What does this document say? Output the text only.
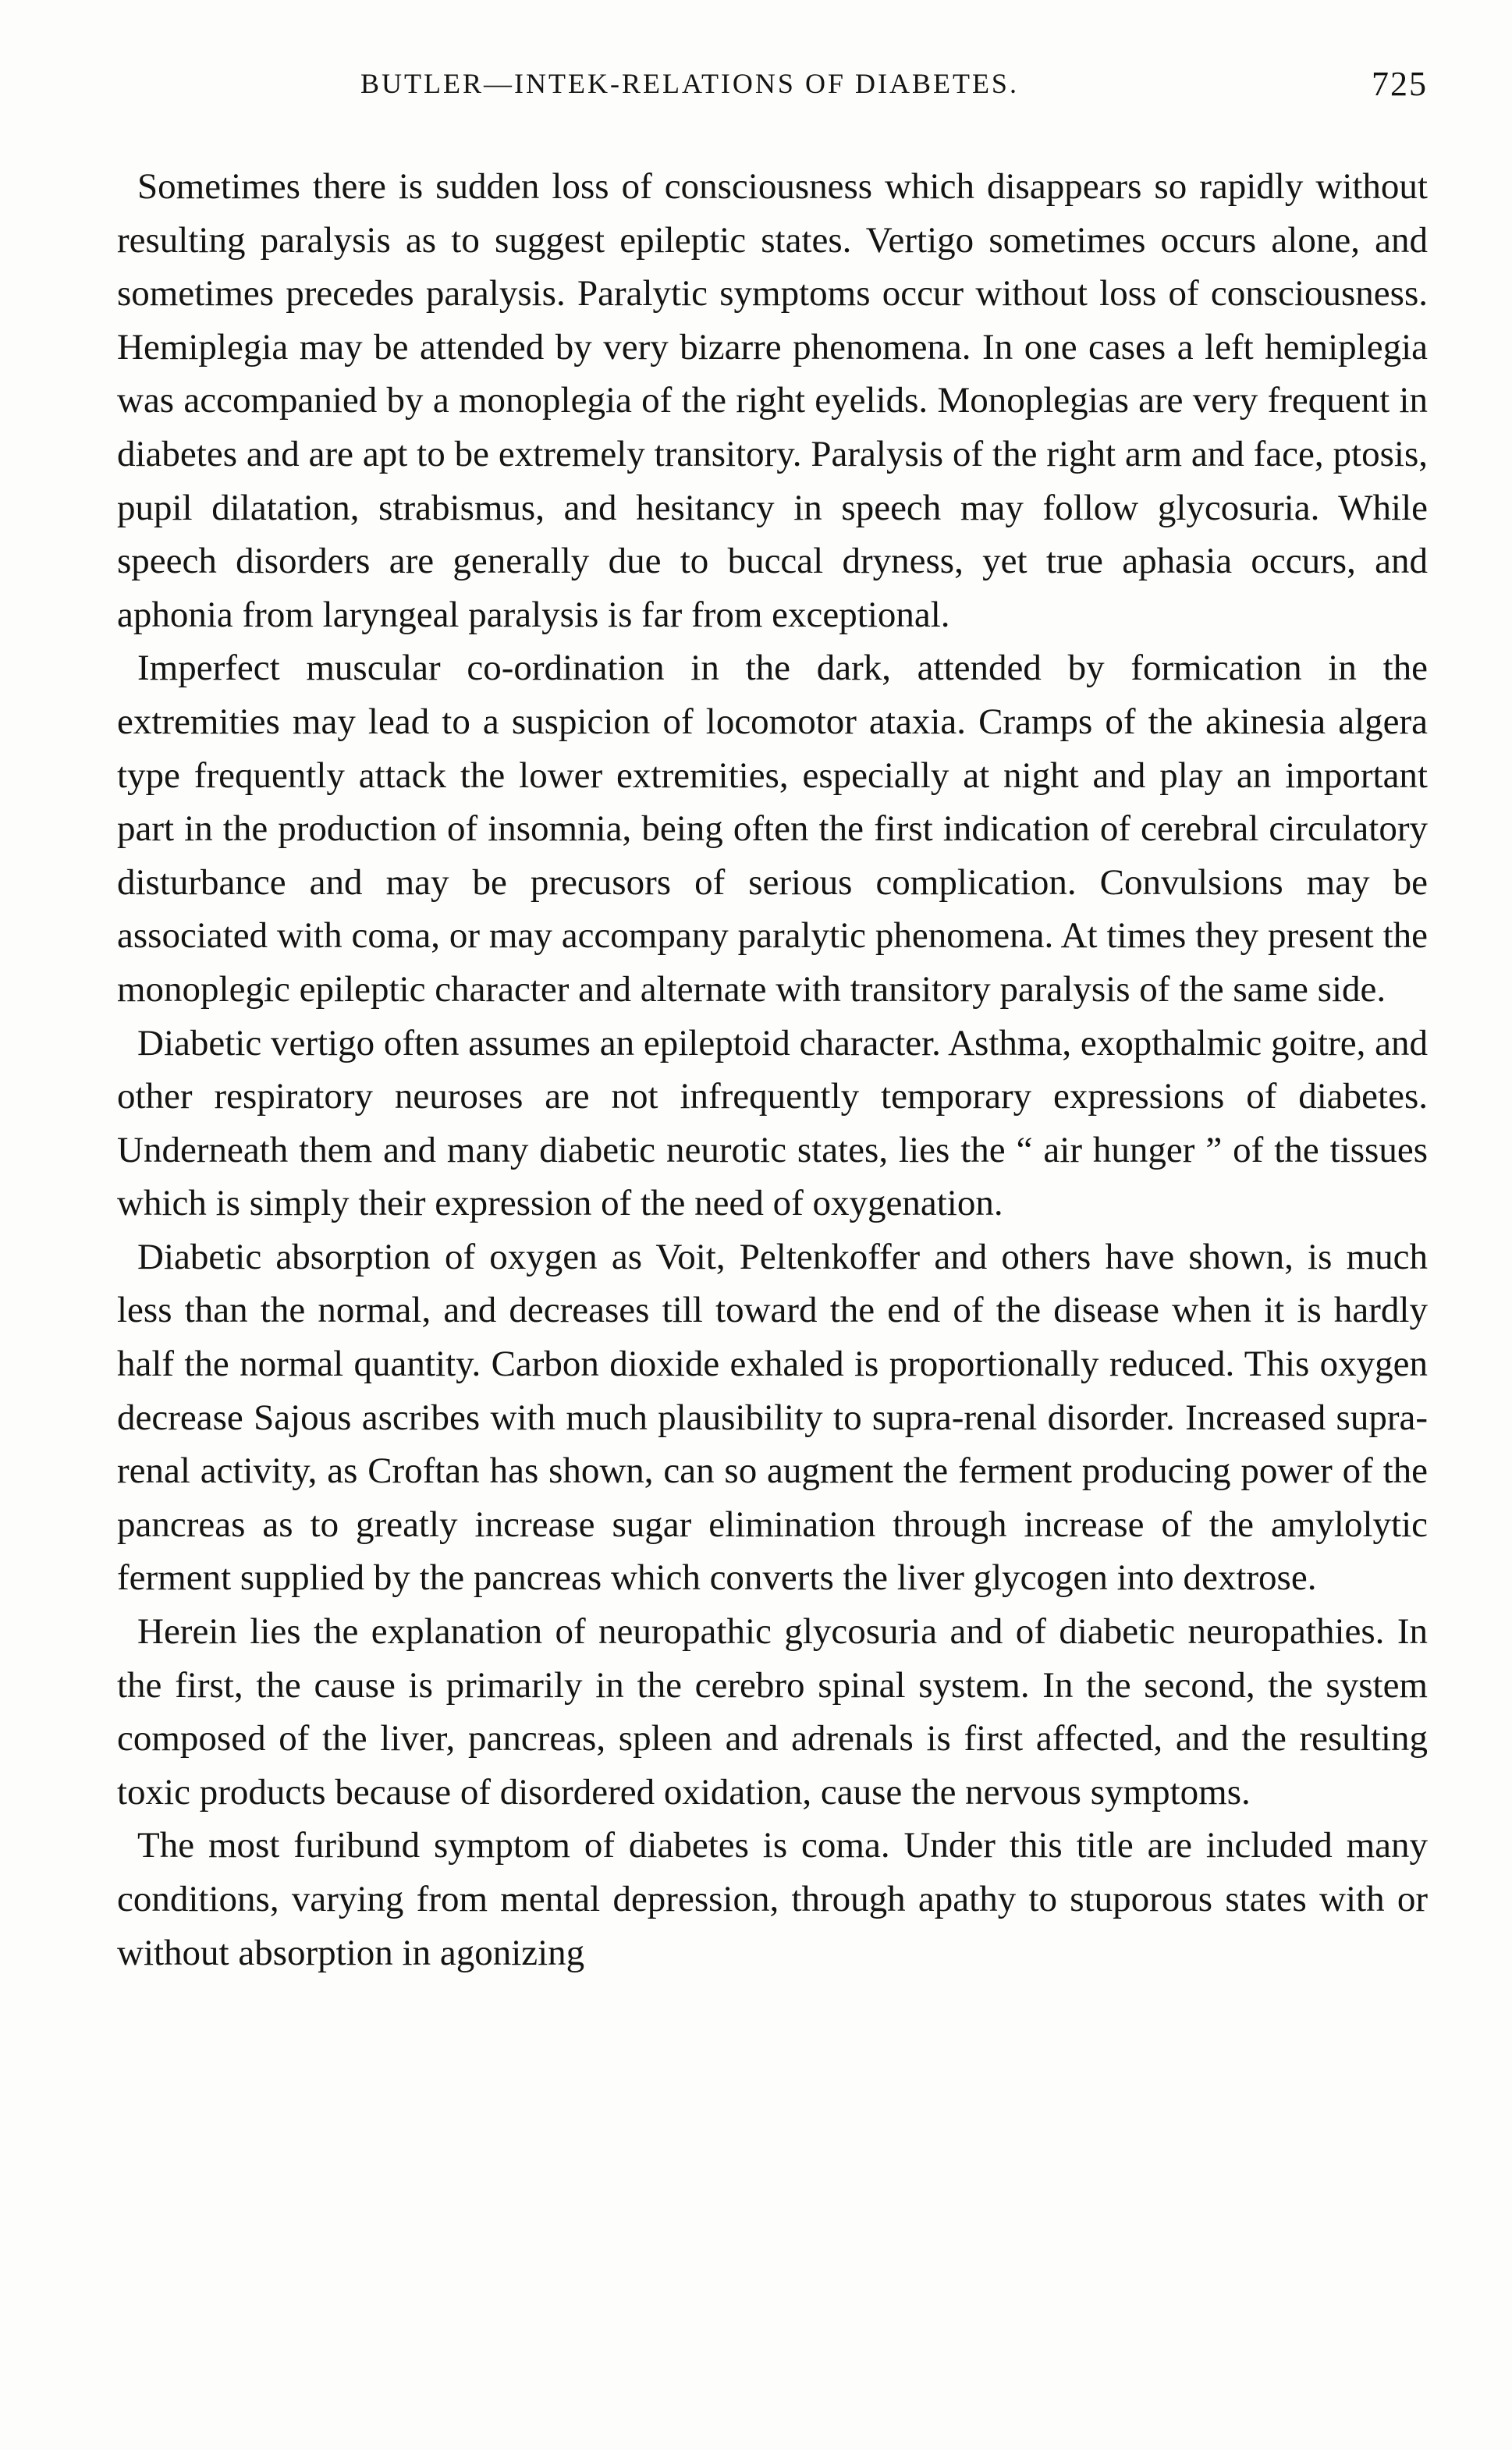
BUTLER—INTEK-RELATIONS OF DIABETES.	725

Sometimes there is sudden loss of consciousness which disappears so rapidly without resulting paralysis as to suggest epileptic states. Vertigo sometimes occurs alone, and sometimes precedes paralysis. Paralytic symptoms occur without loss of consciousness. Hemiplegia may be attended by very bizarre phenomena. In one cases a left hemiplegia was accompanied by a monoplegia of the right eyelids. Monoplegias are very frequent in diabetes and are apt to be extremely transitory. Paralysis of the right arm and face, ptosis, pupil dilatation, strabismus, and hesitancy in speech may follow glycosuria. While speech disorders are generally due to buccal dryness, yet true aphasia occurs, and aphonia from laryngeal paralysis is far from exceptional.

Imperfect muscular co-ordination in the dark, attended by formication in the extremities may lead to a suspicion of locomotor ataxia. Cramps of the akinesia algera type frequently attack the lower extremities, especially at night and play an important part in the production of insomnia, being often the first indication of cerebral circulatory disturbance and may be precusors of serious complication. Convulsions may be associated with coma, or may accompany paralytic phenomena. At times they present the monoplegic epileptic character and alternate with transitory paralysis of the same side.

Diabetic vertigo often assumes an epileptoid character. Asthma, exopthalmic goitre, and other respiratory neuroses are not infrequently temporary expressions of diabetes. Underneath them and many diabetic neurotic states, lies the “ air hunger ” of the tissues which is simply their expression of the need of oxygenation.

Diabetic absorption of oxygen as Voit, Peltenkoffer and others have shown, is much less than the normal, and decreases till toward the end of the disease when it is hardly half the normal quantity. Carbon dioxide exhaled is proportionally reduced. This oxygen decrease Sajous ascribes with much plausibility to supra-renal disorder. Increased supra-renal activity, as Croftan has shown, can so augment the ferment producing power of the pancreas as to greatly increase sugar elimination through increase of the amylolytic ferment supplied by the pancreas which converts the liver glycogen into dextrose.

Herein lies the explanation of neuropathic glycosuria and of diabetic neuropathies. In the first, the cause is primarily in the cerebro spinal system. In the second, the system composed of the liver, pancreas, spleen and adrenals is first affected, and the resulting toxic products because of disordered oxidation, cause the nervous symptoms.

The most furibund symptom of diabetes is coma. Under this title are included many conditions, varying from mental depression, through apathy to stuporous states with or without absorption in agonizing
